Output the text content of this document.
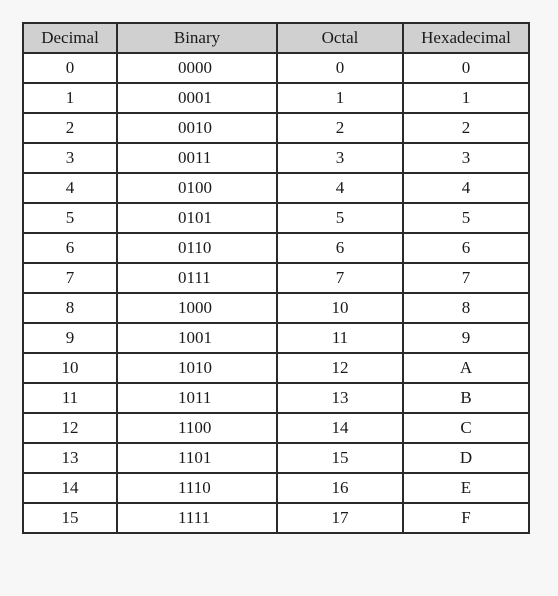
Decimal	Binary	Octal	Hexadecimal
0	0000	0	0
1	0001	1	1
2	0010	2	2
3	0011	3	3
4	0100	4	4
5	0101	5	5
6	0110	6	6
7	0111	7	7
8	1000	10	8
9	1001	11	9
10	1010	12	A
11	1011	13	B
12	1100	14	C
13	1101	15	D
14	1110	16	E
15	1111	17	F
